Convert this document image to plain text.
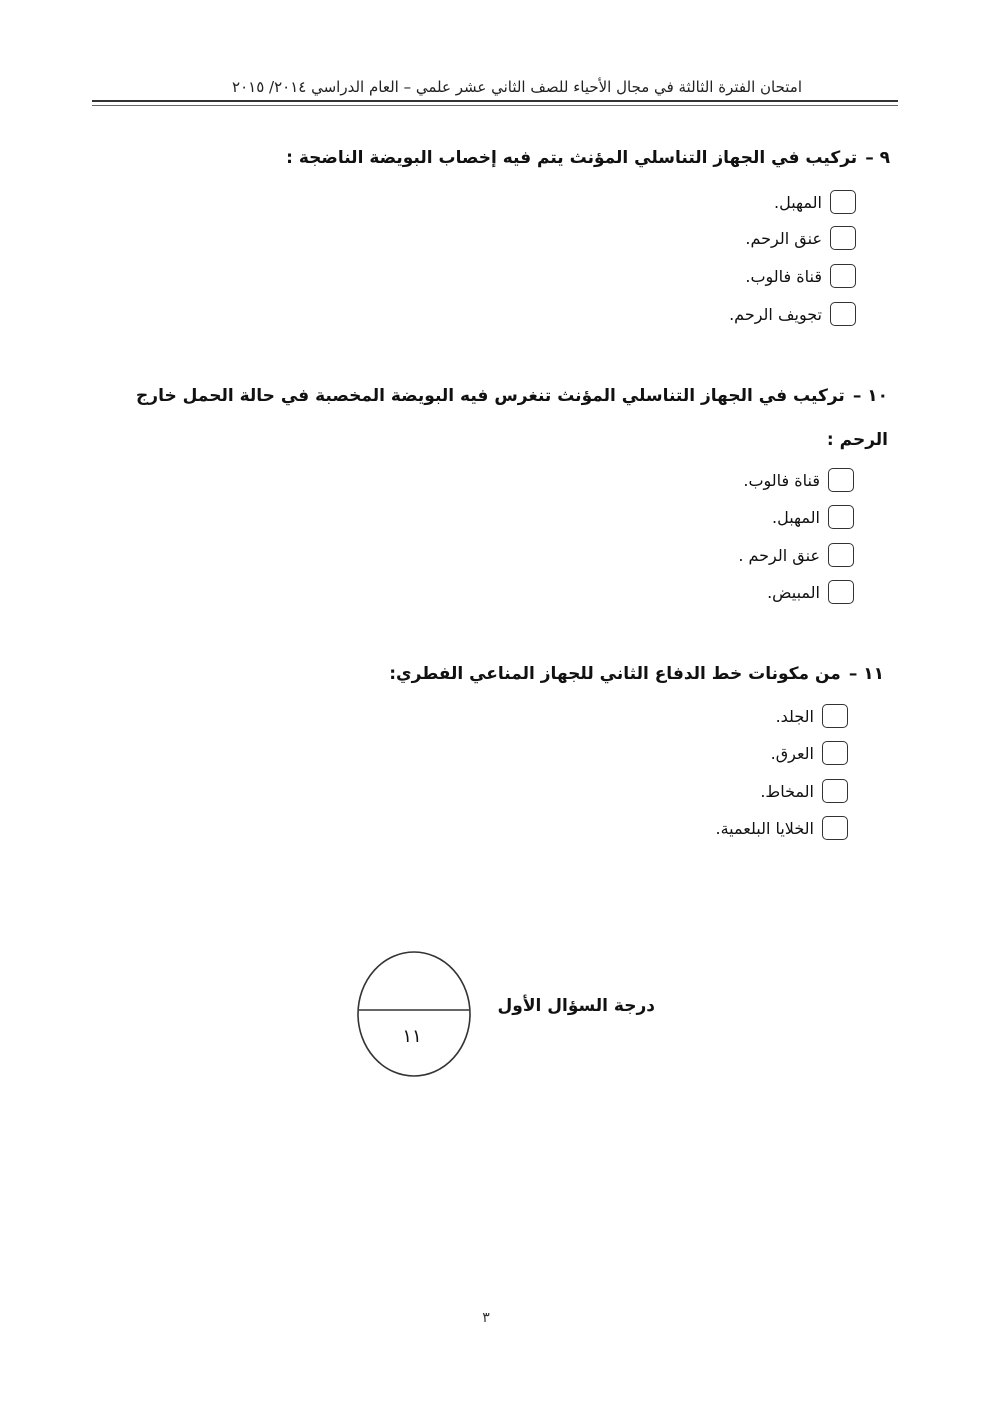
امتحان الفترة الثالثة في مجال الأحياء للصف الثاني عشر علمي – العام الدراسي ٢٠١٤/ ٢٠١٥
٩ –تركيب في الجهاز التناسلي المؤنث يتم فيه إخصاب البويضة الناضجة :
المهبل.
عنق الرحم.
قناة فالوب.
تجويف الرحم.
١٠ –تركيب في الجهاز التناسلي المؤنث تنغرس فيه البويضة المخصبة في حالة الحمل خارج
الرحم :
قناة فالوب.
المهبل.
عنق الرحم .
المبيض.
١١ –من مكونات خط الدفاع الثاني للجهاز المناعي الفطري:
الجلد.
العرق.
المخاط.
الخلايا البلعمية.
١١
درجة السؤال الأول
٣
